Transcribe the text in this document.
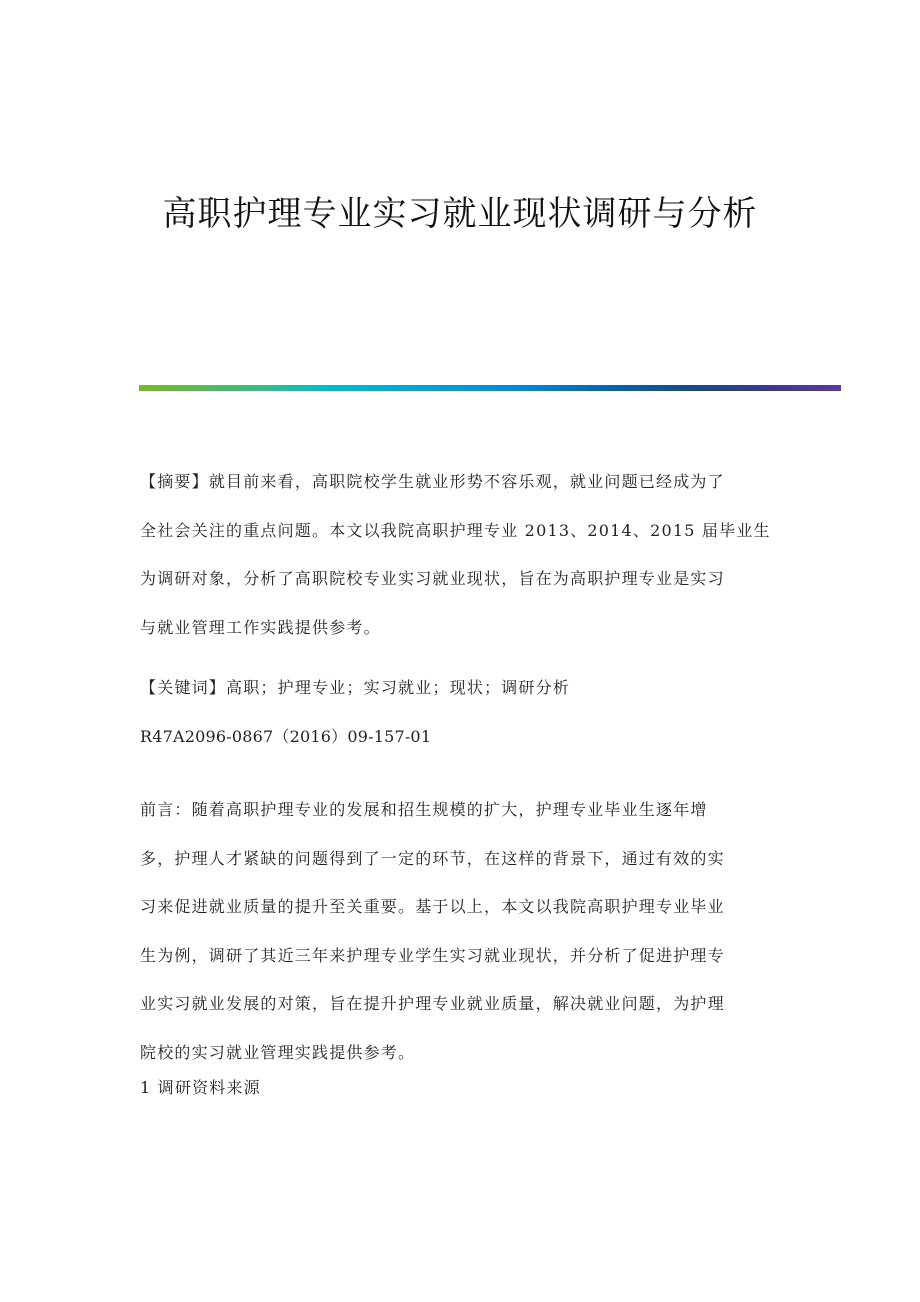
高职护理专业实习就业现状调研与分析
【摘要】就目前来看，高职院校学生就业形势不容乐观，就业问题已经成为了
全社会关注的重点问题。本文以我院高职护理专业 2013、2014、2015 届毕业生
为调研对象，分析了高职院校专业实习就业现状，旨在为高职护理专业是实习
与就业管理工作实践提供参考。
【关键词】高职；护理专业；实习就业；现状；调研分析
R47A2096-0867（2016）09-157-01
前言：随着高职护理专业的发展和招生规模的扩大，护理专业毕业生逐年增
多，护理人才紧缺的问题得到了一定的环节，在这样的背景下，通过有效的实
习来促进就业质量的提升至关重要。基于以上，本文以我院高职护理专业毕业
生为例，调研了其近三年来护理专业学生实习就业现状，并分析了促进护理专
业实习就业发展的对策，旨在提升护理专业就业质量，解决就业问题，为护理
院校的实习就业管理实践提供参考。
1 调研资料来源
